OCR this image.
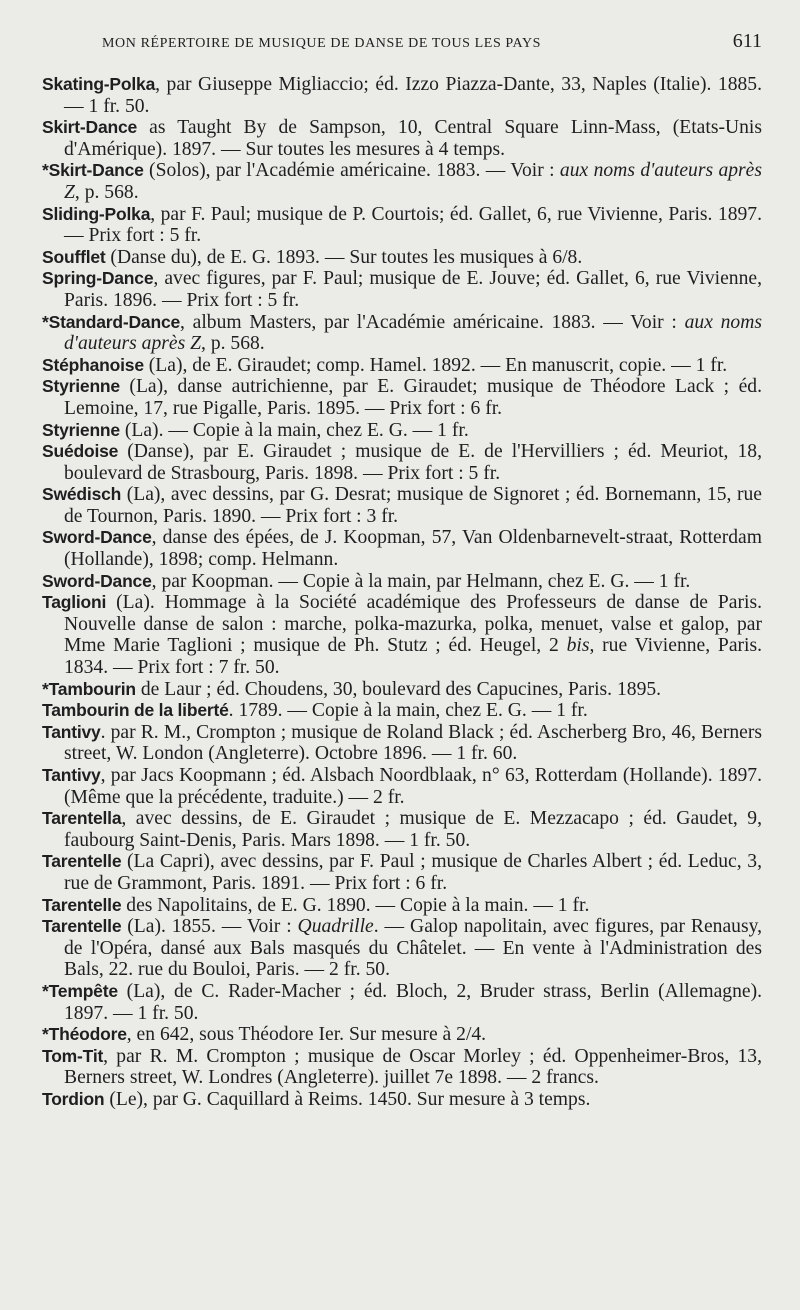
MON RÉPERTOIRE DE MUSIQUE DE DANSE DE TOUS LES PAYS	611

Skating-Polka, par Giuseppe Migliaccio; éd. Izzo Piazza-Dante, 33, Naples (Italie). 1885. — 1 fr. 50.

Skirt-Dance as Taught By de Sampson, 10, Central Square Linn-Mass, (Etats-Unis d'Amérique). 1897. — Sur toutes les mesures à 4 temps.

*Skirt-Dance (Solos), par l'Académie américaine. 1883. — Voir : aux noms d'auteurs après Z, p. 568.

Sliding-Polka, par F. Paul; musique de P. Courtois; éd. Gallet, 6, rue Vivienne, Paris. 1897. — Prix fort : 5 fr.

Soufflet (Danse du), de E. G. 1893. — Sur toutes les musiques à 6/8.

Spring-Dance, avec figures, par F. Paul; musique de E. Jouve; éd. Gallet, 6, rue Vivienne, Paris. 1896. — Prix fort : 5 fr.

*Standard-Dance, album Masters, par l'Académie américaine. 1883. — Voir : aux noms d'auteurs après Z, p. 568.

Stéphanoise (La), de E. Giraudet; comp. Hamel. 1892. — En manuscrit, copie. — 1 fr.

Styrienne (La), danse autrichienne, par E. Giraudet; musique de Théodore Lack ; éd. Lemoine, 17, rue Pigalle, Paris. 1895. — Prix fort : 6 fr.

Styrienne (La). — Copie à la main, chez E. G. — 1 fr.

Suédoise (Danse), par E. Giraudet ; musique de E. de l'Hervilliers ; éd. Meuriot, 18, boulevard de Strasbourg, Paris. 1898. — Prix fort : 5 fr.

Swédisch (La), avec dessins, par G. Desrat; musique de Signoret ; éd. Bornemann, 15, rue de Tournon, Paris. 1890. — Prix fort : 3 fr.

Sword-Dance, danse des épées, de J. Koopman, 57, Van Oldenbarnevelt-straat, Rotterdam (Hollande), 1898; comp. Helmann.

Sword-Dance, par Koopman. — Copie à la main, par Helmann, chez E. G. — 1 fr.

Taglioni (La). Hommage à la Société académique des Professeurs de danse de Paris. Nouvelle danse de salon : marche, polka-mazurka, polka, menuet, valse et galop, par Mme Marie Taglioni ; musique de Ph. Stutz ; éd. Heugel, 2 bis, rue Vivienne, Paris. 1834. — Prix fort : 7 fr. 50.

*Tambourin de Laur ; éd. Choudens, 30, boulevard des Capucines, Paris. 1895.

Tambourin de la liberté. 1789. — Copie à la main, chez E. G. — 1 fr.

Tantivy. par R. M., Crompton ; musique de Roland Black ; éd. Ascherberg Bro, 46, Berners street, W. London (Angleterre). Octobre 1896. — 1 fr. 60.

Tantivy, par Jacs Koopmann ; éd. Alsbach Noordblaak, n° 63, Rotterdam (Hollande). 1897. (Même que la précédente, traduite.) — 2 fr.

Tarentella, avec dessins, de E. Giraudet ; musique de E. Mezzacapo ; éd. Gaudet, 9, faubourg Saint-Denis, Paris. Mars 1898. — 1 fr. 50.

Tarentelle (La Capri), avec dessins, par F. Paul ; musique de Charles Albert ; éd. Leduc, 3, rue de Grammont, Paris. 1891. — Prix fort : 6 fr.

Tarentelle des Napolitains, de E. G. 1890. — Copie à la main. — 1 fr.

Tarentelle (La). 1855. — Voir : Quadrille. — Galop napolitain, avec figures, par Renausy, de l'Opéra, dansé aux Bals masqués du Châtelet. — En vente à l'Administration des Bals, 22. rue du Bouloi, Paris. — 2 fr. 50.

*Tempête (La), de C. Rader-Macher ; éd. Bloch, 2, Bruder strass, Berlin (Allemagne). 1897. — 1 fr. 50.

*Théodore, en 642, sous Théodore Ier. Sur mesure à 2/4.

Tom-Tit, par R. M. Crompton ; musique de Oscar Morley ; éd. Oppenheimer-Bros, 13, Berners street, W. Londres (Angleterre). juillet 7e 1898. — 2 francs.

Tordion (Le), par G. Caquillard à Reims. 1450. Sur mesure à 3 temps.
